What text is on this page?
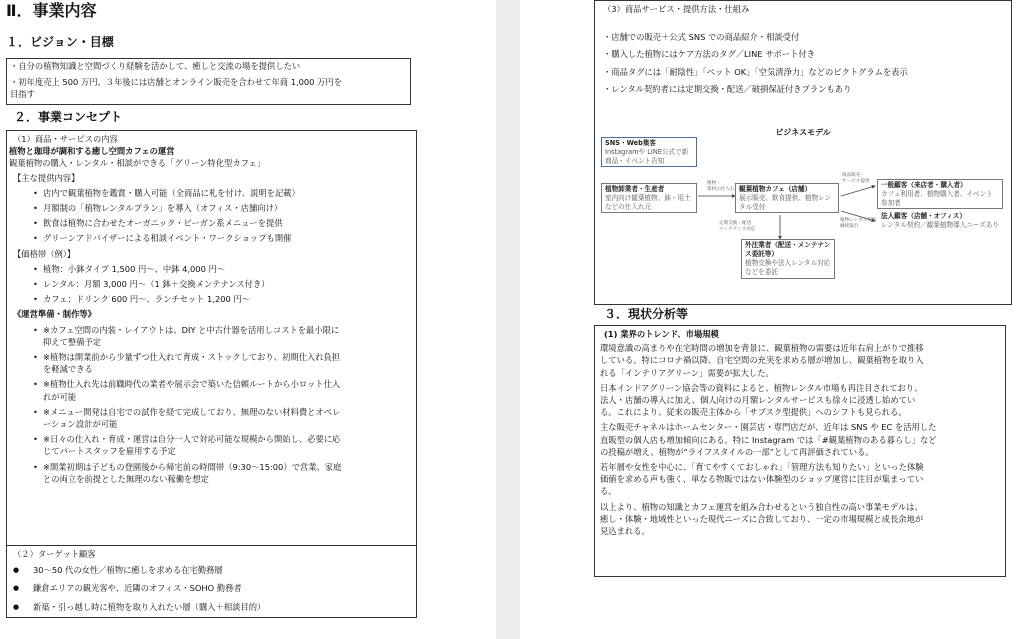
Ⅱ．事業内容
１．ビジョン・目標
・自分の植物知識と空間づくり経験を活かして、癒しと交流の場を提供したい
・初年度売上 500 万円、３年後には店舗とオンライン販売を合わせて年商 1,000 万円を
目指す
２．事業コンセプト
（1）商品・サービスの内容
植物と珈琲が調和する癒し空間カフェの運営
観葉植物の購入・レンタル・相談ができる「グリーン特化型カフェ」
【主な提供内容】
• 店内で観葉植物を鑑賞・購入可能（全商品に札を付け、説明を記載）
• 月額制の「植物レンタルプラン」を導入（オフィス・店舗向け）
• 飲食は植物に合わせたオーガニック・ビーガン系メニューを提供
• グリーンアドバイザーによる相談イベント・ワークショップも開催
【価格帯（例）】
• 植物：小鉢タイプ 1,500 円～、中鉢 4,000 円～
• レンタル：月額 3,000 円～（1 鉢＋交換メンテナンス付き）
• カフェ：ドリンク 600 円～、ランチセット 1,200 円～
《運営準備・制作等》
• ※カフェ空間の内装・レイアウトは、DIY と中古什器を活用しコストを最小限に
抑えて整備予定
• ※植物は開業前から少量ずつ仕入れて育成・ストックしており、初期仕入れ負担
を軽減できる
• ※植物仕入れ先は前職時代の業者や展示会で築いた信頼ルートから小ロット仕入
れが可能
• ※メニュー開発は自宅での試作を経て完成しており、無理のない材料費とオペレ
ーション設計が可能
• ※日々の仕入れ・育成・運営は自分一人で対応可能な規模から開始し、必要に応
じてパートスタッフを雇用する予定
• ※開業初期は子どもの登園後から帰宅前の時間帯（9:30～15:00）で営業、家庭
との両立を前提とした無理のない稼働を想定
（２）ターゲット顧客
● 30～50 代の女性／植物に癒しを求める在宅勤務層
● 鎌倉エリアの観光客や、近隣のオフィス・SOHO 勤務者
● 新築・引っ越し時に植物を取り入れたい層（購入＋相談目的）
（3）商品サービス・提供方法・仕組み
・店舗での販売＋公式 SNS での商品紹介・相談受付
・購入した植物にはケア方法のタグ／LINE サポート付き
・商品タグには「耐陰性」「ペット OK」「空気清浄力」などのピクトグラムを表示
・レンタル契約者には定期交換・配送／破損保証付きプランもあり
ビジネスモデル
SNS・Web集客
Instagramや LINE公式で新商品・イベント告知
植物卸業者・生産者
室内向け観葉植物、鉢・用土などの仕入れ元
植物・
資材の仕入れ 観葉植物カフェ（店舗）
展示販売、飲食提供、植物レンタル受付
商品販売・
サービス提供
植物レンタル契約
継続取引
一般顧客（来店者・購入者）
カフェ利用者、植物購入者、イベント参加者
法人顧客（店舗・オフィス）
レンタル契約／観葉植物導入ニーズあり
定期交換・配送
メンテナンス対応
外注業者（配送・メンテナンス委託等）
植物交換や法人レンタル対応などを委託
３．現状分析等
(1) 業界のトレンド、市場規模
環境意識の高まりや在宅時間の増加を背景に、観葉植物の需要は近年右肩上がりで推移
している。特にコロナ禍以降、自宅空間の充実を求める層が増加し、観葉植物を取り入
れる「インテリアグリーン」需要が拡大した。
日本インドアグリーン協会等の資料によると、植物レンタル市場も再注目されており、
法人・店舗の導入に加え、個人向けの月額レンタルサービスも徐々に浸透し始めてい
る。これにより、従来の販売主体から「サブスク型提供」へのシフトも見られる。
主な販売チャネルはホームセンター・園芸店・専門店だが、近年は SNS や EC を活用した
直販型の個人店も増加傾向にある。特に Instagram では「#観葉植物のある暮らし」など
の投稿が増え、植物が“ライフスタイルの一部”として再評価されている。
若年層や女性を中心に、「育てやすくておしゃれ」「管理方法も知りたい」といった体験
価値を求める声も強く、単なる物販ではない体験型のショップ運営に注目が集まってい
る。
以上より、植物の知識とカフェ運営を組み合わせるという独自性の高い事業モデルは、
癒し・体験・地域性といった現代ニーズに合致しており、一定の市場規模と成長余地が
見込まれる。
